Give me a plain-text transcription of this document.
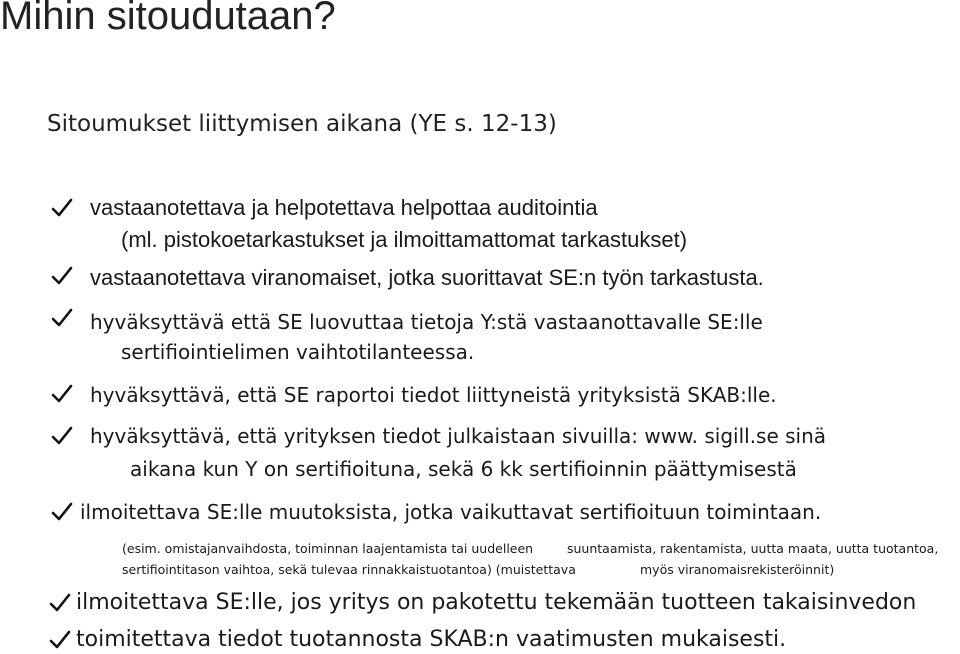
Mihin sitoudutaan?
Sitoumukset liittymisen aikana (YE s. 12-13)
vastaanotettava ja helpotettava helpottaa auditointia
(ml. pistokoetarkastukset ja ilmoittamattomat tarkastukset)
vastaanotettava viranomaiset, jotka suorittavat SE:n työn tarkastusta.
hyväksyttävä että SE luovuttaa tietoja Y:stä vastaanottavalle SE:lle
sertifiointielimen vaihtotilanteessa.
hyväksyttävä, että SE raportoi tiedot liittyneistä yrityksistä SKAB:lle.
hyväksyttävä, että yrityksen tiedot julkaistaan sivuilla: www. sigill.se sinä
aikana kun Y on sertifioituna, sekä 6 kk sertifioinnin päättymisestä
ilmoitettava SE:lle muutoksista, jotka vaikuttavat sertifioituun toimintaan.
(esim. omistajanvaihdosta, toiminnan laajentamista tai uudelleen	suuntaamista, rakentamista, uutta maata, uutta tuotantoa,
sertifiointitason vaihtoa, sekä tulevaa rinnakkaistuotantoa) (muistettava	myös viranomaisrekisteröinnit)
ilmoitettava SE:lle, jos yritys on pakotettu tekemään tuotteen takaisinvedon
toimitettava tiedot tuotannosta SKAB:n vaatimusten mukaisesti.
